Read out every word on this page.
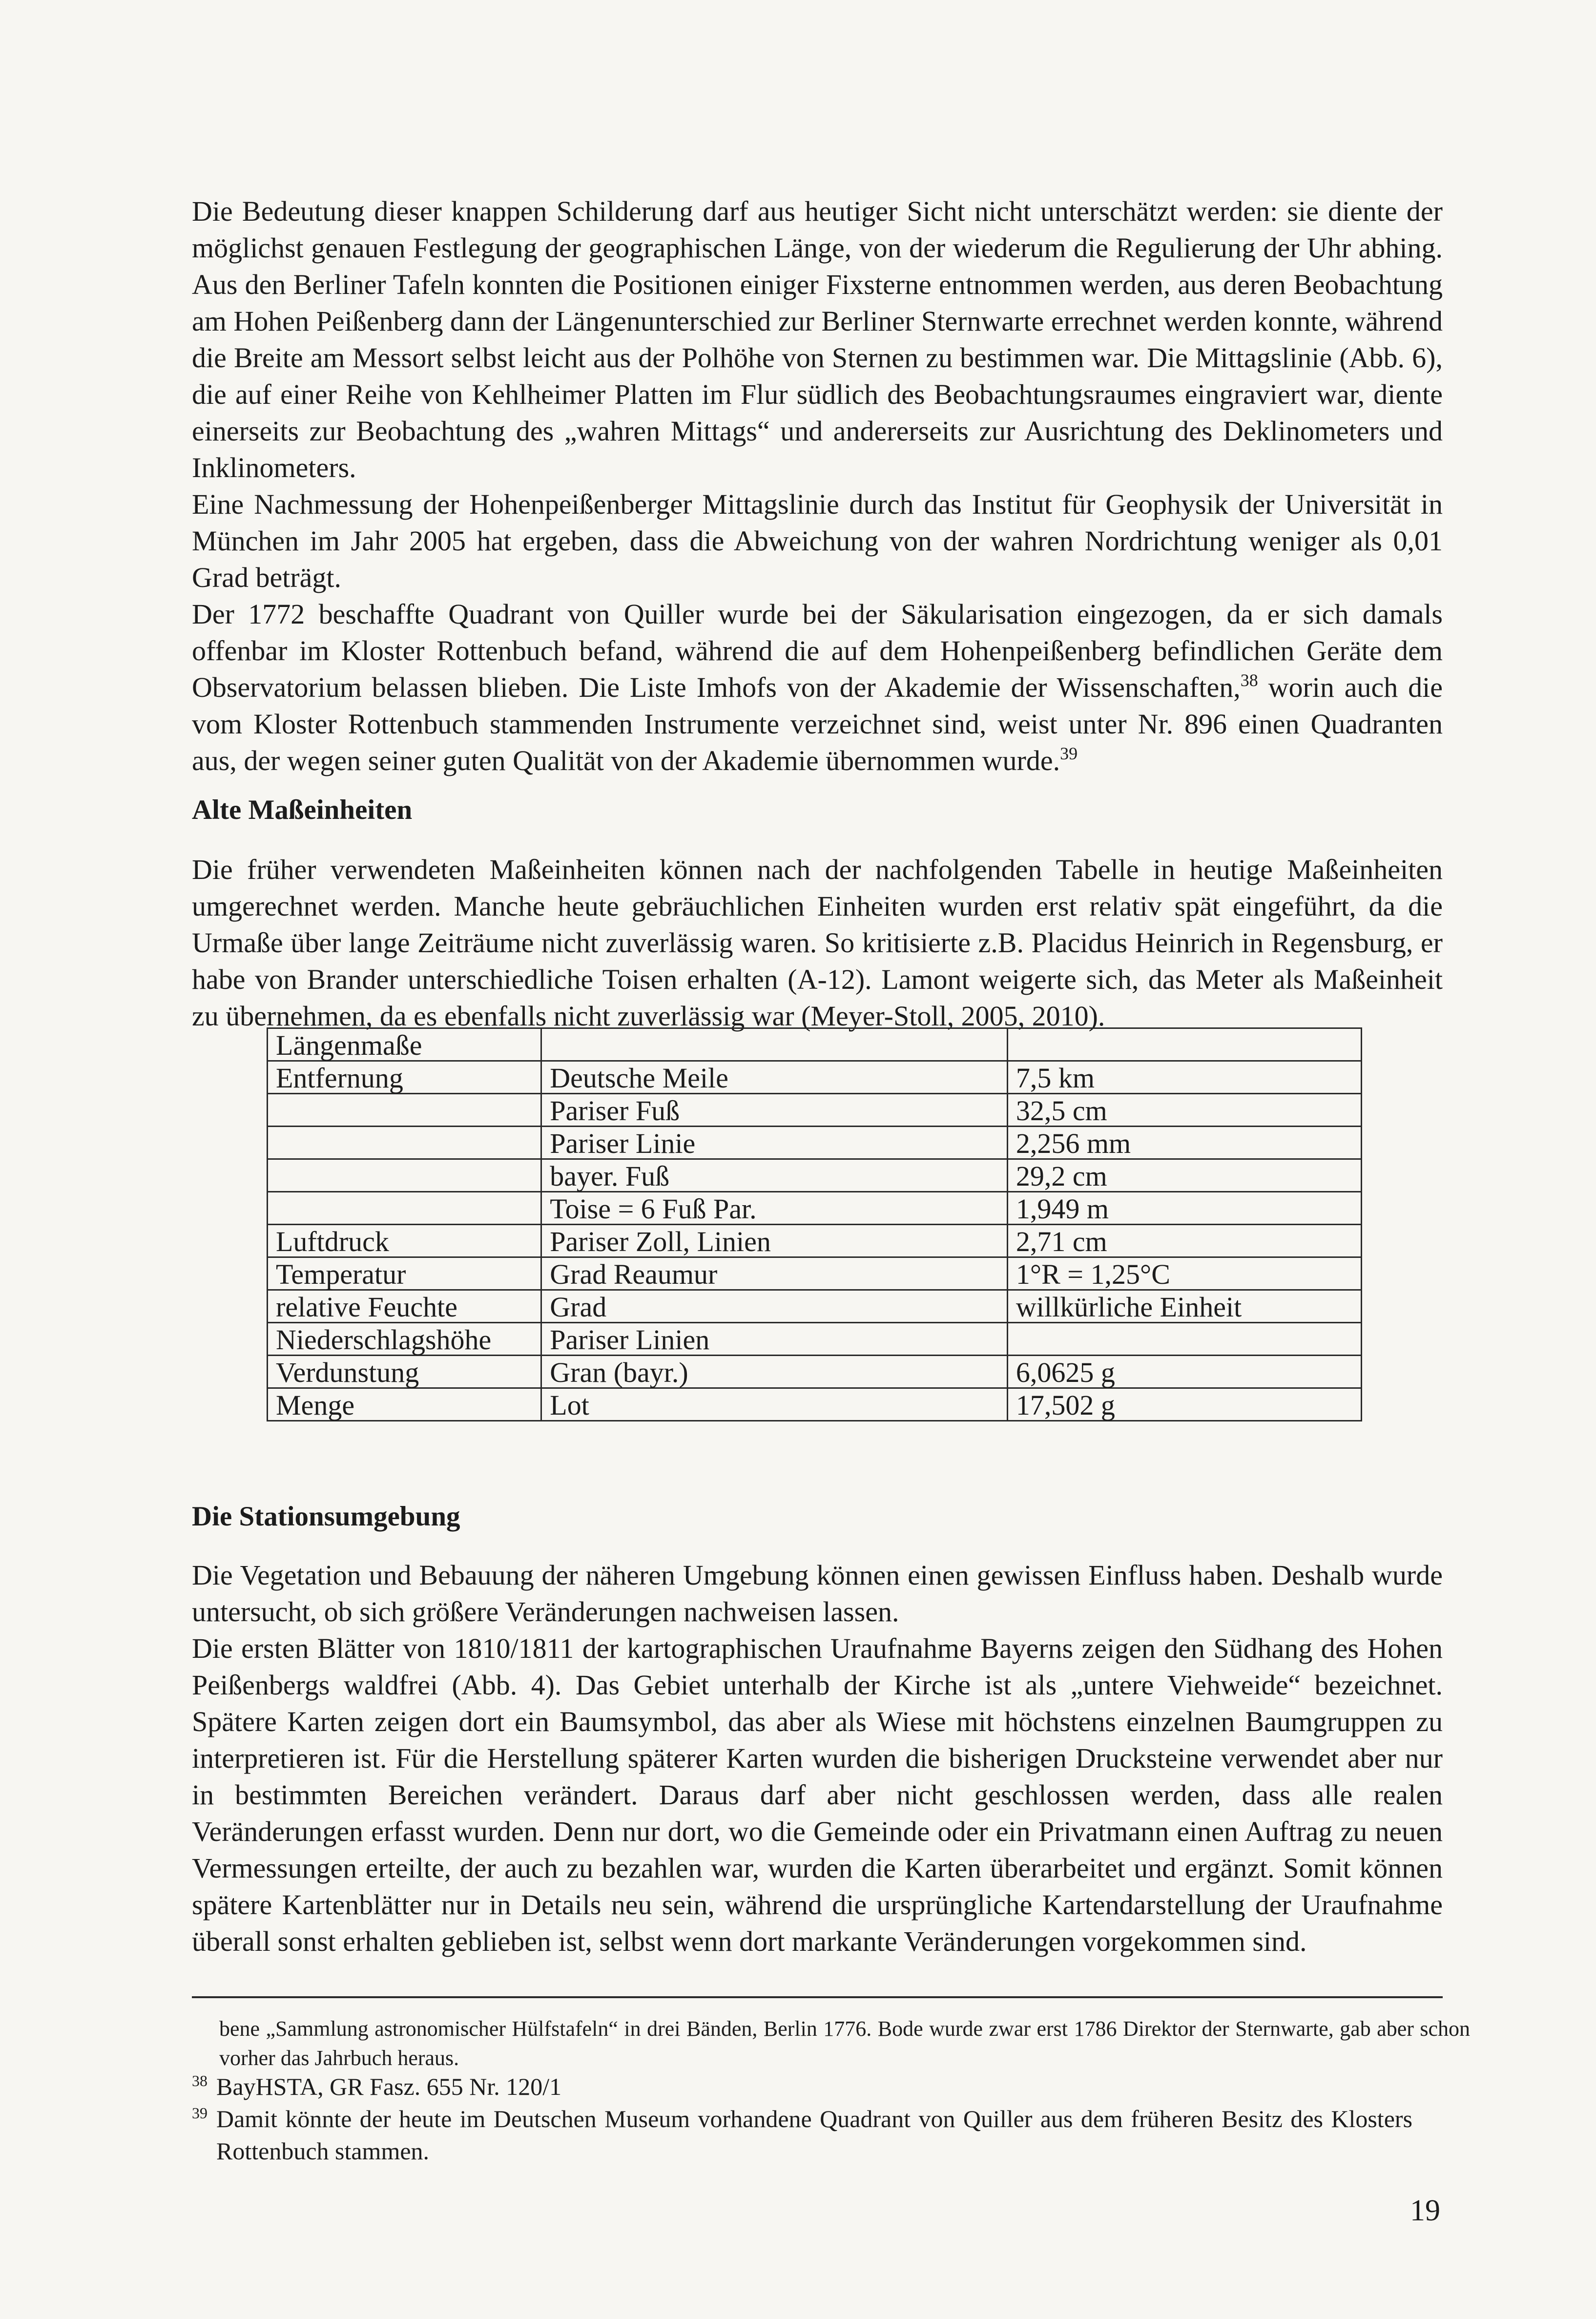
Die Bedeutung dieser knappen Schilderung darf aus heutiger Sicht nicht unterschätzt werden: sie diente der möglichst genauen Festlegung der geographischen Länge, von der wiederum die Regulierung der Uhr abhing. Aus den Berliner Tafeln konnten die Positionen einiger Fixsterne entnommen werden, aus deren Beobachtung am Hohen Peißenberg dann der Längenunterschied zur Berliner Sternwarte errechnet werden konnte, während die Breite am Messort selbst leicht aus der Polhöhe von Sternen zu bestimmen war. Die Mittagslinie (Abb. 6), die auf einer Reihe von Kehlheimer Platten im Flur südlich des Beobachtungsraumes eingraviert war, diente einerseits zur Beobachtung des „wahren Mittags“ und andererseits zur Ausrichtung des Deklinometers und Inklinometers.

Eine Nachmessung der Hohenpeißenberger Mittagslinie durch das Institut für Geophysik der Universität in München im Jahr 2005 hat ergeben, dass die Abweichung von der wahren Nordrichtung weniger als 0,01 Grad beträgt.

Der 1772 beschaffte Quadrant von Quiller wurde bei der Säkularisation eingezogen, da er sich damals offenbar im Kloster Rottenbuch befand, während die auf dem Hohenpeißenberg befindlichen Geräte dem Observatorium belassen blieben. Die Liste Imhofs von der Akademie der Wissenschaften,$^{38}$ worin auch die vom Kloster Rottenbuch stammenden Instrumente verzeichnet sind, weist unter Nr. 896 einen Quadranten aus, der wegen seiner guten Qualität von der Akademie übernommen wurde.$^{39}$

Alte Maßeinheiten

Die früher verwendeten Maßeinheiten können nach der nachfolgenden Tabelle in heutige Maßeinheiten umgerechnet werden. Manche heute gebräuchlichen Einheiten wurden erst relativ spät eingeführt, da die Urmaße über lange Zeiträume nicht zuverlässig waren. So kritisierte z.B. Placidus Heinrich in Regensburg, er habe von Brander unterschiedliche Toisen erhalten (A-12). Lamont weigerte sich, das Meter als Maßeinheit zu übernehmen, da es ebenfalls nicht zuverlässig war (Meyer-Stoll, 2005, 2010).

Längenmaße		
Entfernung	Deutsche Meile	7,5 km
	Pariser Fuß	32,5 cm
	Pariser Linie	2,256 mm
	bayer. Fuß	29,2 cm
	Toise = 6 Fuß Par.	1,949 m
Luftdruck	Pariser Zoll, Linien	2,71 cm
Temperatur	Grad Reaumur	1°R = 1,25°C
relative Feuchte	Grad	willkürliche Einheit
Niederschlagshöhe	Pariser Linien	
Verdunstung	Gran (bayr.)	6,0625 g
Menge	Lot	17,502 g
Die Stationsumgebung

Die Vegetation und Bebauung der näheren Umgebung können einen gewissen Einfluss haben. Deshalb wurde untersucht, ob sich größere Veränderungen nachweisen lassen.

Die ersten Blätter von 1810/1811 der kartographischen Uraufnahme Bayerns zeigen den Südhang des Hohen Peißenbergs waldfrei (Abb. 4). Das Gebiet unterhalb der Kirche ist als „untere Viehweide“ bezeichnet. Spätere Karten zeigen dort ein Baumsymbol, das aber als Wiese mit höchstens einzelnen Baumgruppen zu interpretieren ist. Für die Herstellung späterer Karten wurden die bisherigen Drucksteine verwendet aber nur in bestimmten Bereichen verändert. Daraus darf aber nicht geschlossen werden, dass alle realen Veränderungen erfasst wurden. Denn nur dort, wo die Gemeinde oder ein Privatmann einen Auftrag zu neuen Vermessungen erteilte, der auch zu bezahlen war, wurden die Karten überarbeitet und ergänzt. Somit können spätere Kartenblätter nur in Details neu sein, während die ursprüngliche Kartendarstellung der Uraufnahme überall sonst erhalten geblieben ist, selbst wenn dort markante Veränderungen vorgekommen sind.

bene „Sammlung astronomischer Hülfstafeln“ in drei Bänden, Berlin 1776. Bode wurde zwar erst 1786 Direktor der Sternwarte, gab aber schon vorher das Jahrbuch heraus.
$^{38}$ BayHSTA, GR Fasz. 655 Nr. 120/1
$^{39}$ Damit könnte der heute im Deutschen Museum vorhandene Quadrant von Quiller aus dem früheren Besitz des Klosters Rottenbuch stammen.
19
